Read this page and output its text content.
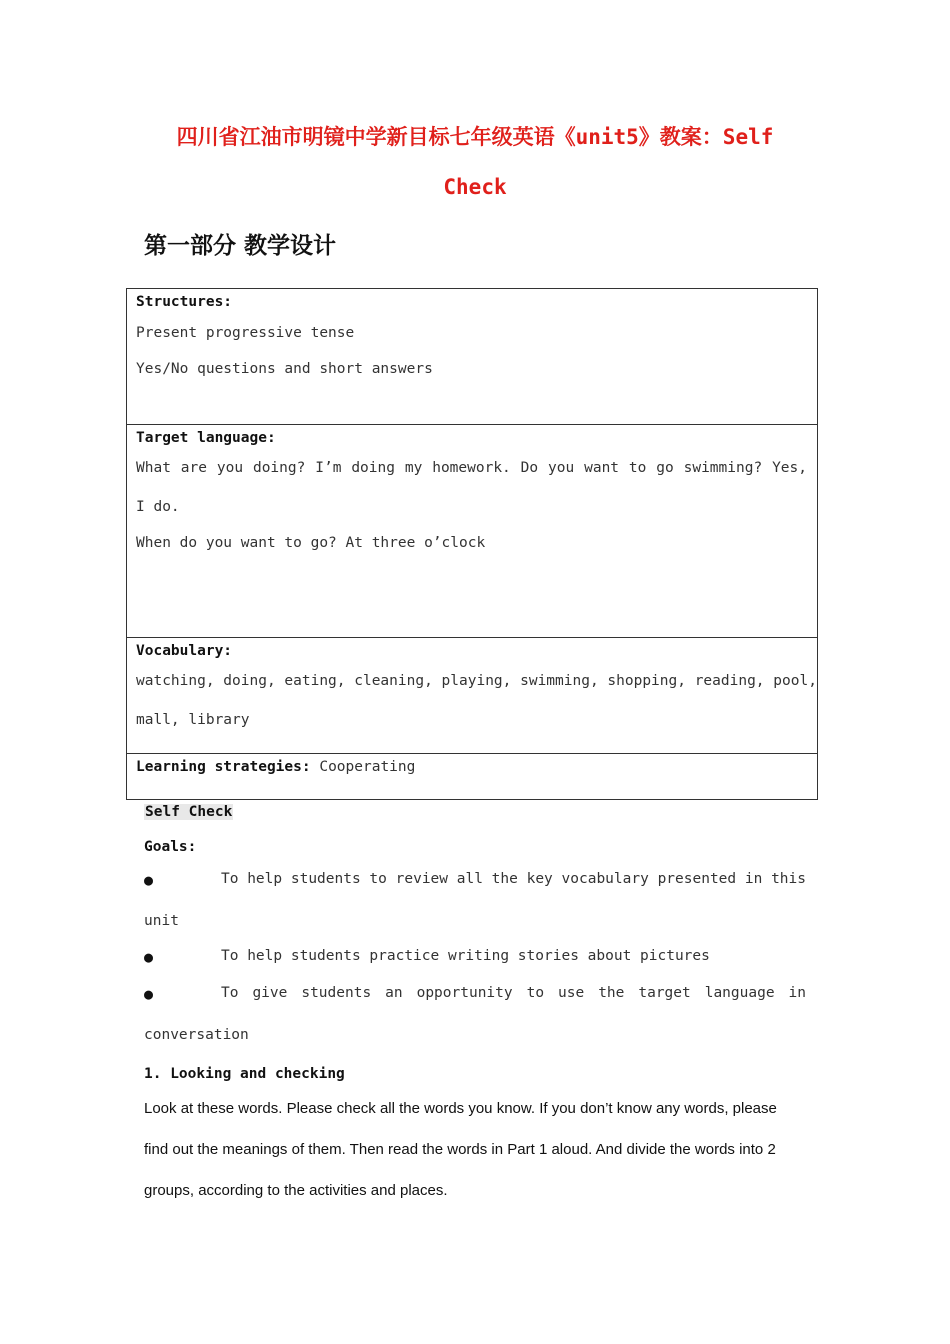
四川省江油市明镜中学新目标七年级英语《unit5》教案：Self
Check
第一部分 教学设计
Structures:
Present progressive tense
Yes/No questions and short answers
Target language:
What are you doing? I’m doing my homework. Do you want to go swimming? Yes,
I do.
When do you want to go? At three o’clock
Vocabulary:
watching, doing, eating, cleaning, playing, swimming, shopping, reading, pool,
mall, library
Learning strategies: Cooperating
Self Check
Goals:
●	To help students to review all the key vocabulary presented in this
unit
●	To help students practice writing stories about pictures
●	To give students an opportunity to use the target language in
conversation
1. Looking and checking
Look at these words. Please check all the words you know. If you don’t know any words, please
find out the meanings of them. Then read the words in Part 1 aloud. And divide the words into 2
groups, according to the activities and places.
